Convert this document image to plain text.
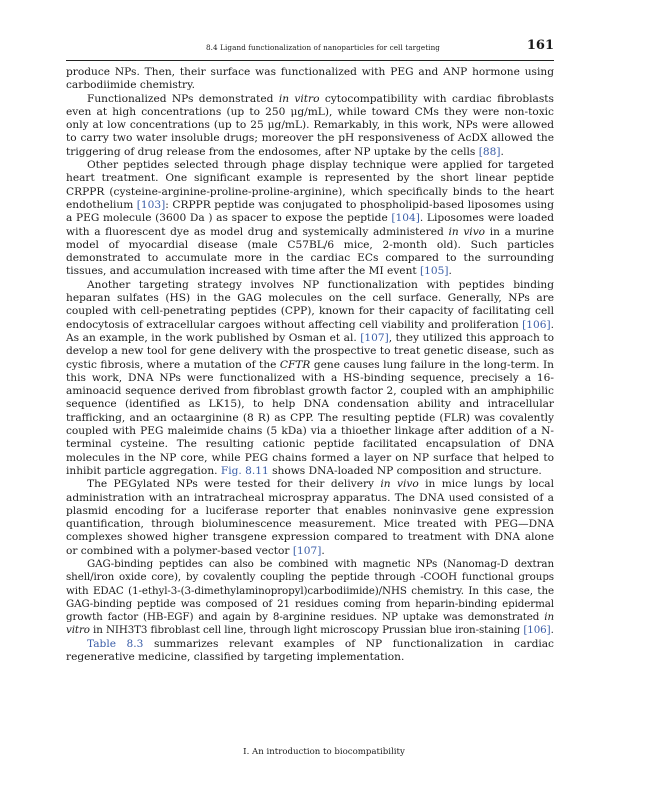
8.4 Ligand functionalization of nanoparticles for cell targeting	161

produce NPs. Then, their surface was functionalized with PEG and ANP hormone using carbodiimide chemistry.

Functionalized NPs demonstrated in vitro cytocompatibility with cardiac fibroblasts even at high concentrations (up to 250 μg/mL), while toward CMs they were non-toxic only at low concentrations (up to 25 μg/mL). Remarkably, in this work, NPs were allowed to carry two water insoluble drugs; moreover the pH responsiveness of AcDX allowed the triggering of drug release from the endosomes, after NP uptake by the cells [88].

Other peptides selected through phage display technique were applied for targeted heart treatment. One significant example is represented by the short linear peptide CRPPR (cysteine-arginine-proline-proline-arginine), which specifically binds to the heart endothelium [103]: CRPPR peptide was conjugated to phospholipid-based liposomes using a PEG molecule (3600 Da ) as spacer to expose the peptide [104]. Liposomes were loaded with a fluorescent dye as model drug and systemically administered in vivo in a murine model of myocardial disease (male C57BL/6 mice, 2-month old). Such particles demonstrated to accumulate more in the cardiac ECs compared to the surrounding tissues, and accumulation increased with time after the MI event [105].

Another targeting strategy involves NP functionalization with peptides binding heparan sulfates (HS) in the GAG molecules on the cell surface. Generally, NPs are coupled with cell-penetrating peptides (CPP), known for their capacity of facilitating cell endocytosis of extracellular cargoes without affecting cell viability and proliferation [106]. As an example, in the work published by Osman et al. [107], they utilized this approach to develop a new tool for gene delivery with the prospective to treat genetic disease, such as cystic fibrosis, where a mutation of the CFTR gene causes lung failure in the long-term. In this work, DNA NPs were functionalized with a HS-binding sequence, precisely a 16-aminoacid sequence derived from fibroblast growth factor 2, coupled with an amphiphilic sequence (identified as LK15), to help DNA condensation ability and intracellular trafficking, and an octaarginine (8 R) as CPP. The resulting peptide (FLR) was covalently coupled with PEG maleimide chains (5 kDa) via a thioether linkage after addition of a N-terminal cysteine. The resulting cationic peptide facilitated encapsulation of DNA molecules in the NP core, while PEG chains formed a layer on NP surface that helped to inhibit particle aggregation. Fig. 8.11 shows DNA-loaded NP composition and structure.

The PEGylated NPs were tested for their delivery in vivo in mice lungs by local administration with an intratracheal microspray apparatus. The DNA used consisted of a plasmid encoding for a luciferase reporter that enables noninvasive gene expression quantification, through bioluminescence measurement. Mice treated with PEG—DNA complexes showed higher transgene expression compared to treatment with DNA alone or combined with a polymer-based vector [107].

GAG-binding peptides can also be combined with magnetic NPs (Nanomag-D dextran shell/iron oxide core), by covalently coupling the peptide through -COOH functional groups with EDAC (1-ethyl-3-(3-dimethylaminopropyl)carbodiimide)/NHS chemistry. In this case, the GAG-binding peptide was composed of 21 residues coming from heparin-binding epidermal growth factor (HB-EGF) and again by 8-arginine residues. NP uptake was demonstrated in vitro in NIH3T3 fibroblast cell line, through light microscopy Prussian blue iron-staining [106].

Table 8.3 summarizes relevant examples of NP functionalization in cardiac regenerative medicine, classified by targeting implementation.

I. An introduction to biocompatibility
